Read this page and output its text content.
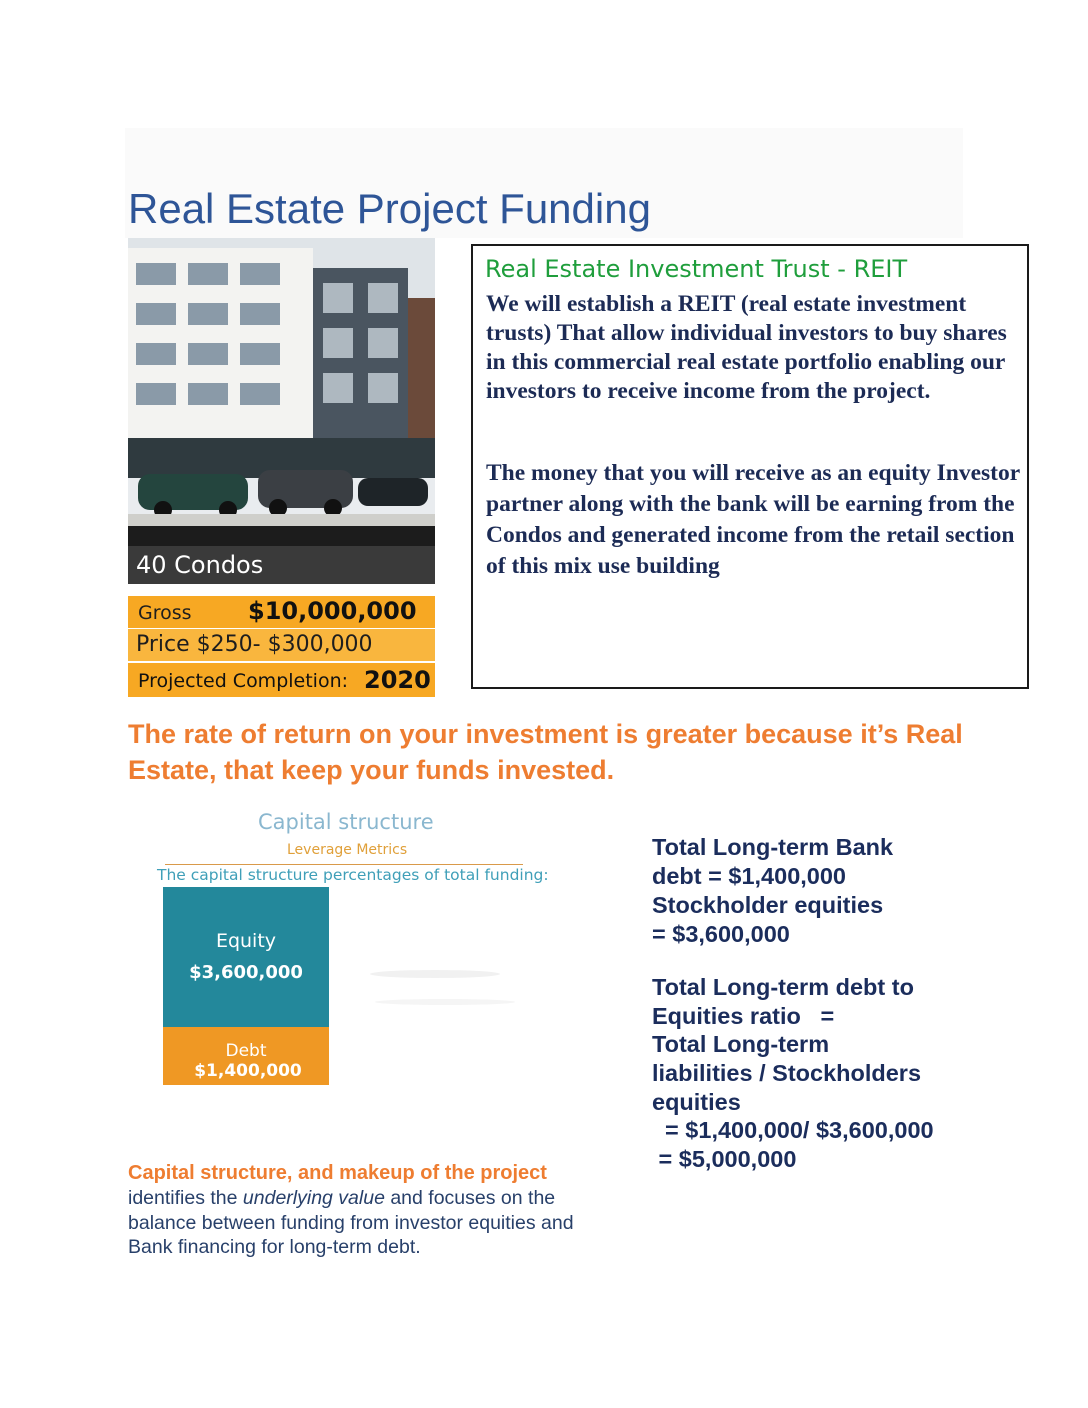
Real Estate Project Funding
40 Condos
Gross $10,000,000
Price $250- $300,000
Projected Completion: 2020
Real Estate Investment Trust - REIT
We will establish a REIT (real estate investment trusts) That allow individual investors to buy shares in this commercial real estate portfolio enabling our investors to receive income from the project.
The money that you will receive as an equity Investor partner along with the bank will be earning from the Condos and generated income from the retail section of this mix use building
The rate of return on your investment is greater because it’s Real Estate, that keep your funds invested.
Capital structure
Leverage Metrics
The capital structure percentages of total funding:
Equity
$3,600,000
Debt
$1,400,000
Capital structure, and makeup of the project
identifies the underlying value and focuses on the balance between funding from investor equities and Bank financing for long-term debt.
Total Long-term Bank
debt = $1,400,000
Stockholder equities
= $3,600,000
Total Long-term debt to
Equities ratio   =
Total Long-term
liabilities / Stockholders
equities
= $1,400,000/ $3,600,000
= $5,000,000
